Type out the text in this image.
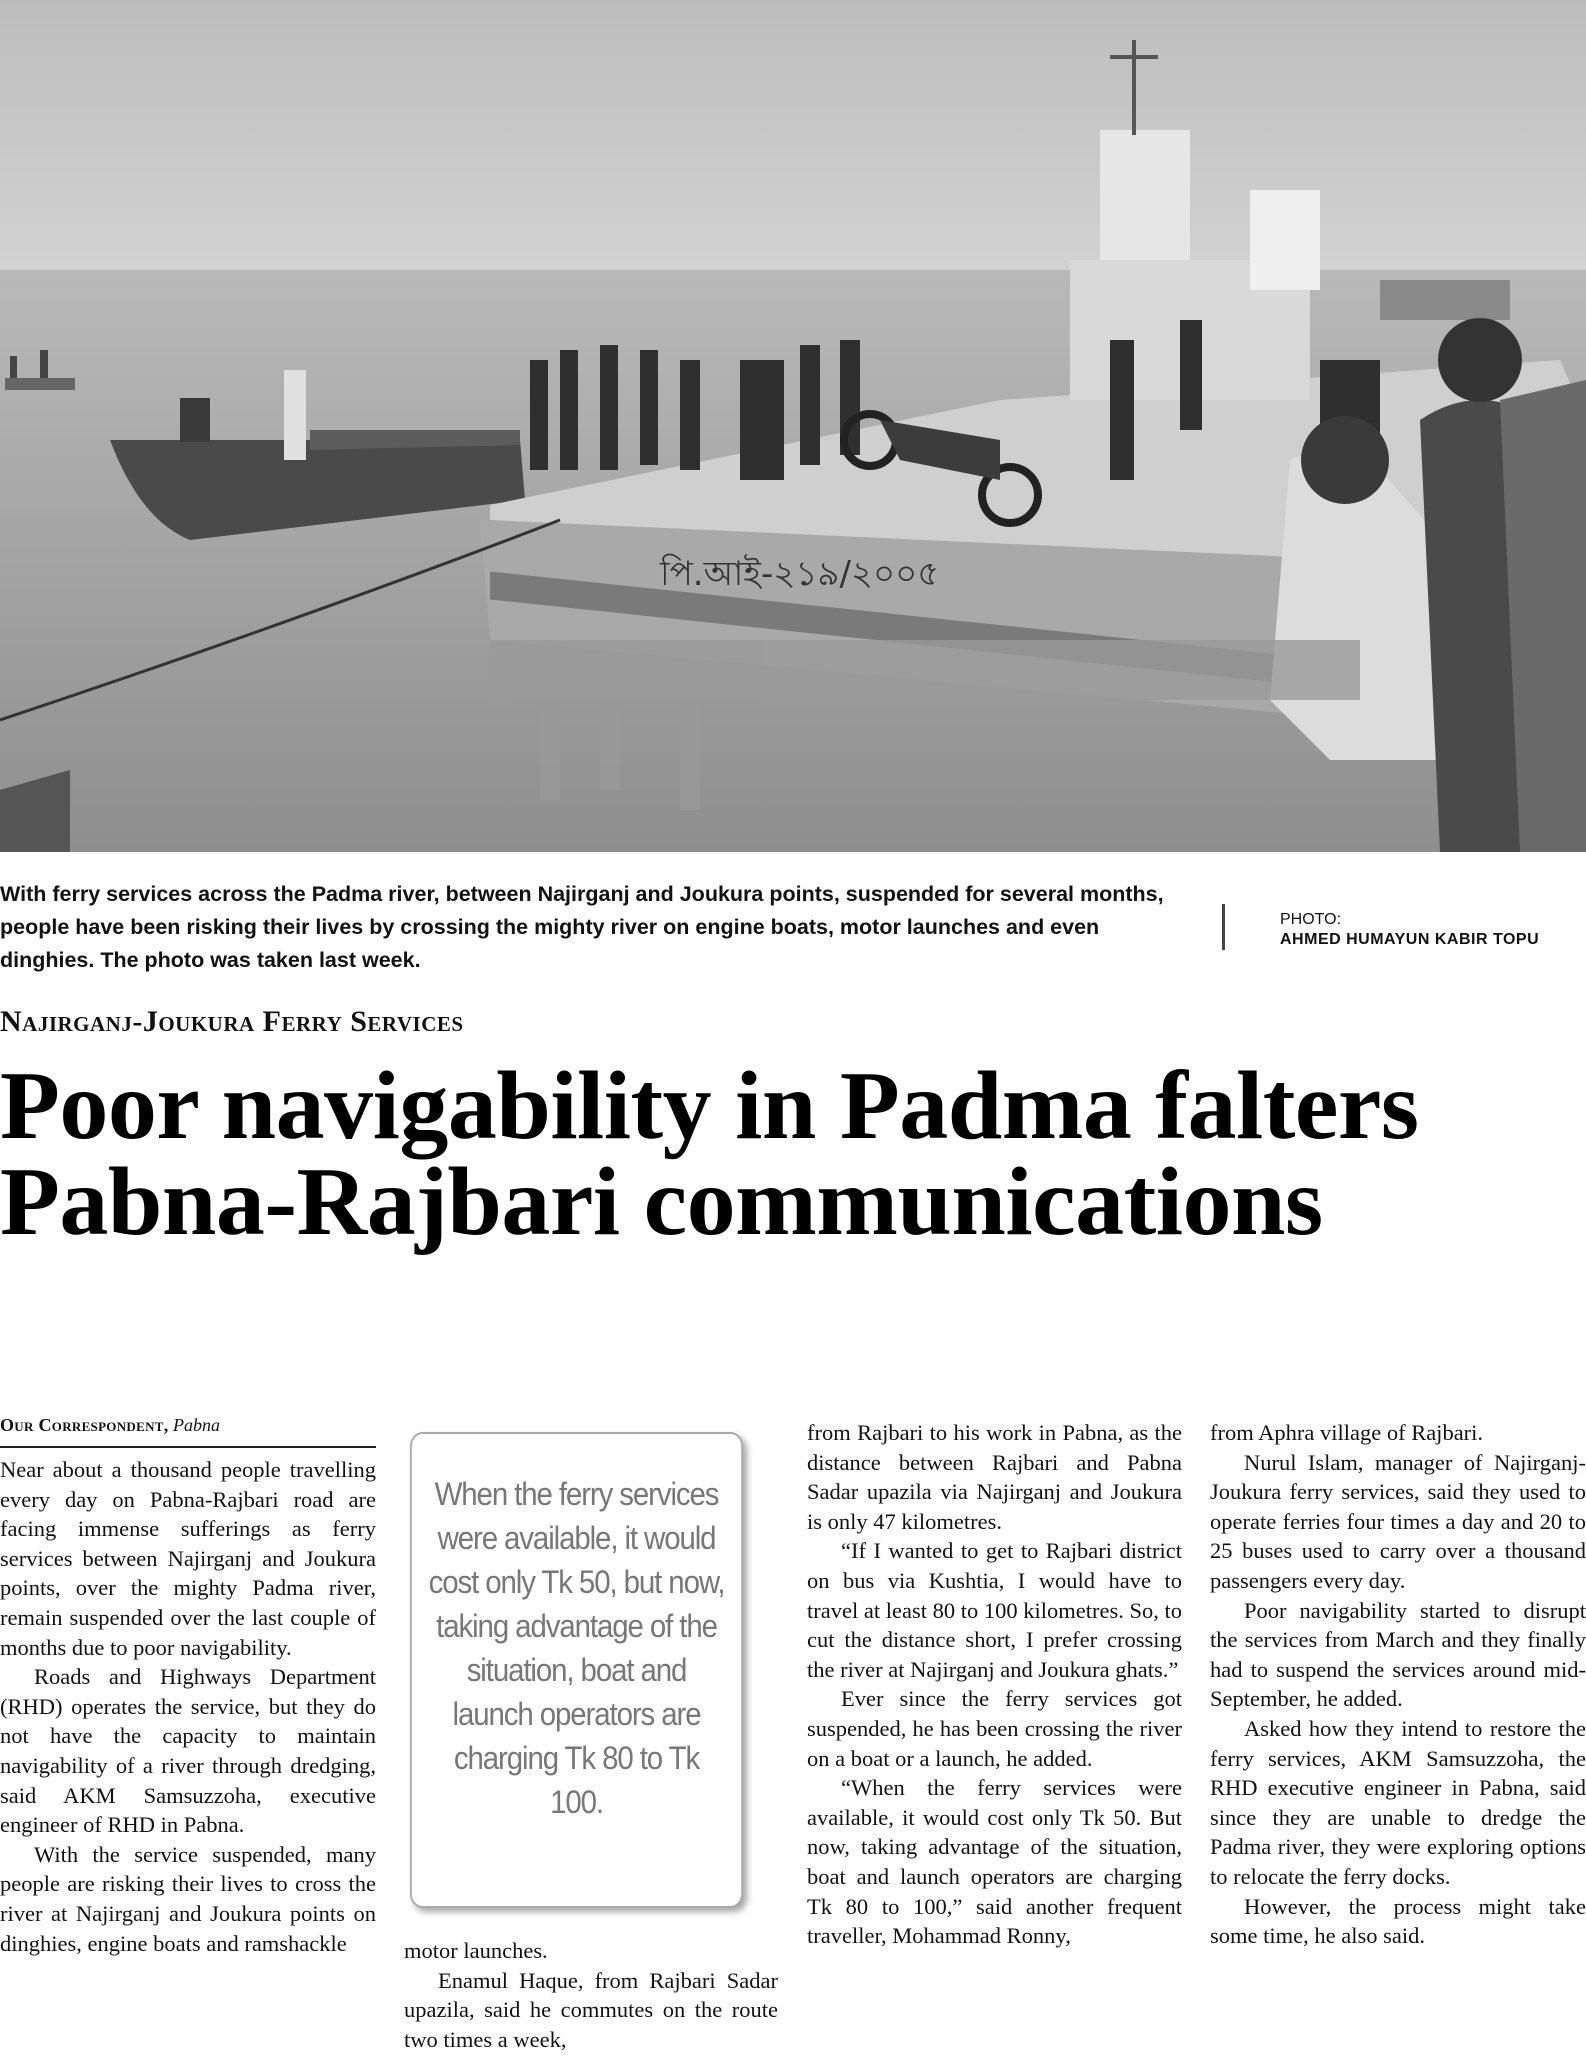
পি.আই-২১৯/২০০৫

With ferry services across the Padma river, between Najirganj and Joukura points, suspended for several months, people have been risking their lives by crossing the mighty river on engine boats, motor launches and even dinghies. The photo was taken last week.

PHOTO:
AHMED HUMAYUN KABIR TOPU
Najirganj-Joukura Ferry Services
Poor navigability in Padma falters Pabna-Rajbari communications
Our Correspondent, Pabna

Near about a thousand people travelling every day on Pabna-Rajbari road are facing immense sufferings as ferry services between Najirganj and Joukura points, over the mighty Padma river, remain suspended over the last couple of months due to poor navigability.

Roads and Highways Department (RHD) operates the service, but they do not have the capacity to maintain navigability of a river through dredging, said AKM Samsuzzoha, executive engineer of RHD in Pabna.

With the service suspended, many people are risking their lives to cross the river at Najirganj and Joukura points on dinghies, engine boats and ramshackle

When the ferry services were available, it would cost only Tk 50, but now, taking advantage of the situation, boat and launch operators are charging Tk 80 to Tk 100.

motor launches.

Enamul Haque, from Rajbari Sadar upazila, said he commutes on the route two times a week,

from Rajbari to his work in Pabna, as the distance between Rajbari and Pabna Sadar upazila via Najirganj and Joukura is only 47 kilometres.

“If I wanted to get to Rajbari district on bus via Kushtia, I would have to travel at least 80 to 100 kilometres. So, to cut the distance short, I prefer crossing the river at Najirganj and Joukura ghats.”

Ever since the ferry services got suspended, he has been crossing the river on a boat or a launch, he added.

“When the ferry services were available, it would cost only Tk 50. But now, taking advantage of the situation, boat and launch operators are charging Tk 80 to 100,” said another frequent traveller, Mohammad Ronny,

from Aphra village of Rajbari.

Nurul Islam, manager of Najirganj-Joukura ferry services, said they used to operate ferries four times a day and 20 to 25 buses used to carry over a thousand passengers every day.

Poor navigability started to disrupt the services from March and they finally had to suspend the services around mid-September, he added.

Asked how they intend to restore the ferry services, AKM Samsuzzoha, the RHD executive engineer in Pabna, said since they are unable to dredge the Padma river, they were exploring options to relocate the ferry docks.

However, the process might take some time, he also said.
